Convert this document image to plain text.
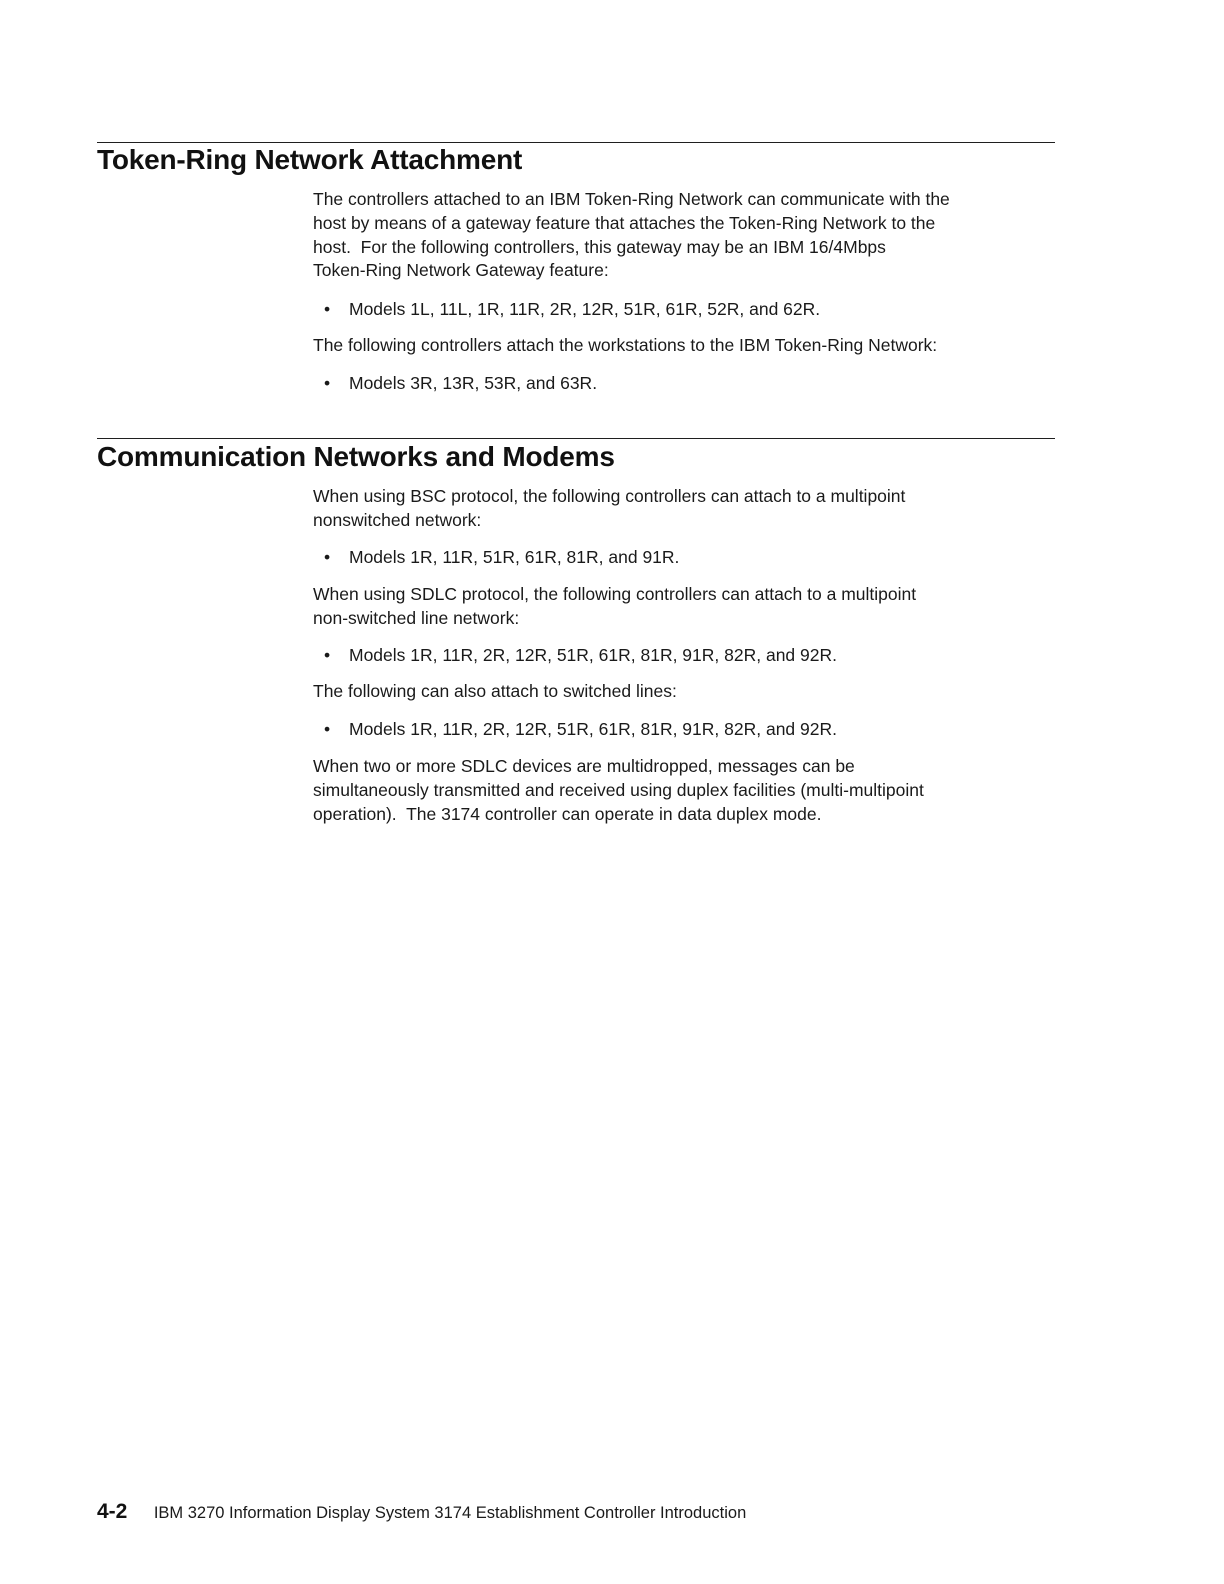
Token-Ring Network Attachment

The controllers attached to an IBM Token-Ring Network can communicate with the
host by means of a gateway feature that attaches the Token-Ring Network to the
host.  For the following controllers, this gateway may be an IBM 16/4Mbps
Token-Ring Network Gateway feature:

• Models 1L, 11L, 1R, 11R, 2R, 12R, 51R, 61R, 52R, and 62R.

The following controllers attach the workstations to the IBM Token-Ring Network:

• Models 3R, 13R, 53R, and 63R.

Communication Networks and Modems

When using BSC protocol, the following controllers can attach to a multipoint
nonswitched network:

• Models 1R, 11R, 51R, 61R, 81R, and 91R.

When using SDLC protocol, the following controllers can attach to a multipoint
non-switched line network:

• Models 1R, 11R, 2R, 12R, 51R, 61R, 81R, 91R, 82R, and 92R.

The following can also attach to switched lines:

• Models 1R, 11R, 2R, 12R, 51R, 61R, 81R, 91R, 82R, and 92R.

When two or more SDLC devices are multidropped, messages can be
simultaneously transmitted and received using duplex facilities (multi-multipoint
operation).  The 3174 controller can operate in data duplex mode.

4-2 IBM 3270 Information Display System 3174 Establishment Controller Introduction
